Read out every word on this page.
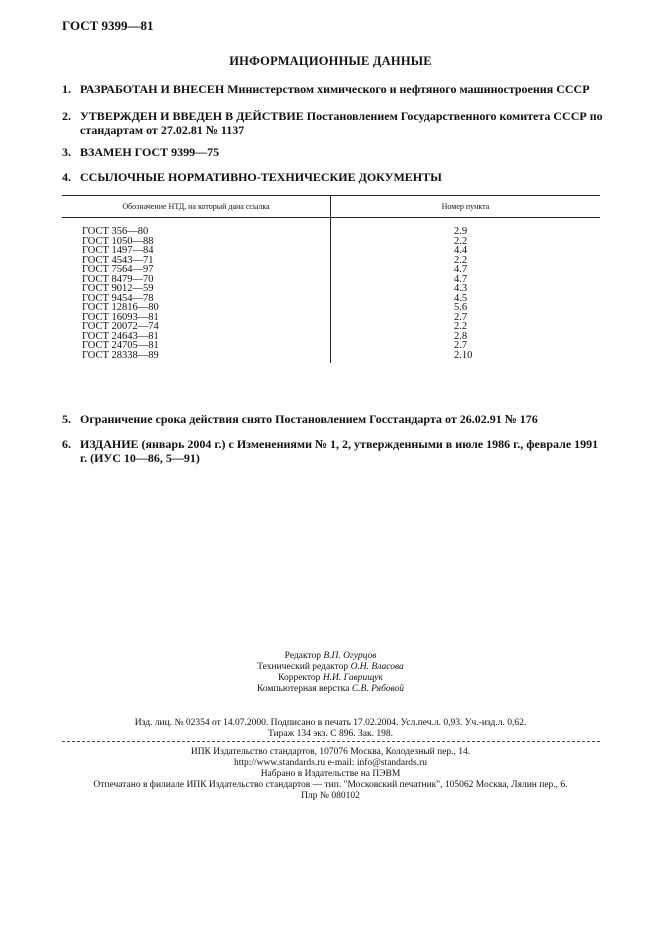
ГОСТ 9399—81
ИНФОРМАЦИОННЫЕ ДАННЫЕ
1. РАЗРАБОТАН И ВНЕСЕН Министерством химического и нефтяного машиностроения СССР
2. УТВЕРЖДЕН И ВВЕДЕН В ДЕЙСТВИЕ Постановлением Государственного комитета СССР по стандартам от 27.02.81 № 1137
3. ВЗАМЕН ГОСТ 9399—75
4. ССЫЛОЧНЫЕ НОРМАТИВНО-ТЕХНИЧЕСКИЕ ДОКУМЕНТЫ
Обозначение НТД, на который дана ссылка	Номер пункта
ГОСТ 356—80
ГОСТ 1050—88
ГОСТ 1497—84
ГОСТ 4543—71
ГОСТ 7564—97
ГОСТ 8479—70
ГОСТ 9012—59
ГОСТ 9454—78
ГОСТ 12816—80
ГОСТ 16093—81
ГОСТ 20072—74
ГОСТ 24643—81
ГОСТ 24705—81
ГОСТ 28338—89
2.9
2.2
4.4
2.2
4.7
4.7
4.3
4.5
5.6
2.7
2.2
2.8
2.7
2.10
5. Ограничение срока действия снято Постановлением Госстандарта от 26.02.91 № 176
6. ИЗДАНИЕ (январь 2004 г.) с Изменениями № 1, 2, утвержденными в июле 1986 г., феврале 1991 г. (ИУС 10—86, 5—91)
Редактор В.П. Огурцов
Технический редактор О.Н. Власова
Корректор Н.И. Гаврищук
Компьютерная верстка С.В. Рябовой
Изд. лиц. № 02354 от 14.07.2000. Подписано в печать 17.02.2004. Усл.печ.л. 0,93. Уч.-изд.л. 0,62.
Тираж 134 экз. С 896. Зак. 198.
ИПК Издательство стандартов, 107076 Москва, Колодезный пер., 14.
http://www.standards.ru e-mail: info@standards.ru
Набрано в Издательстве на ПЭВМ
Отпечатано в филиале ИПК Издательство стандартов — тип. "Московский печатник", 105062 Москва, Лялин пер., 6.
Плр № 080102
